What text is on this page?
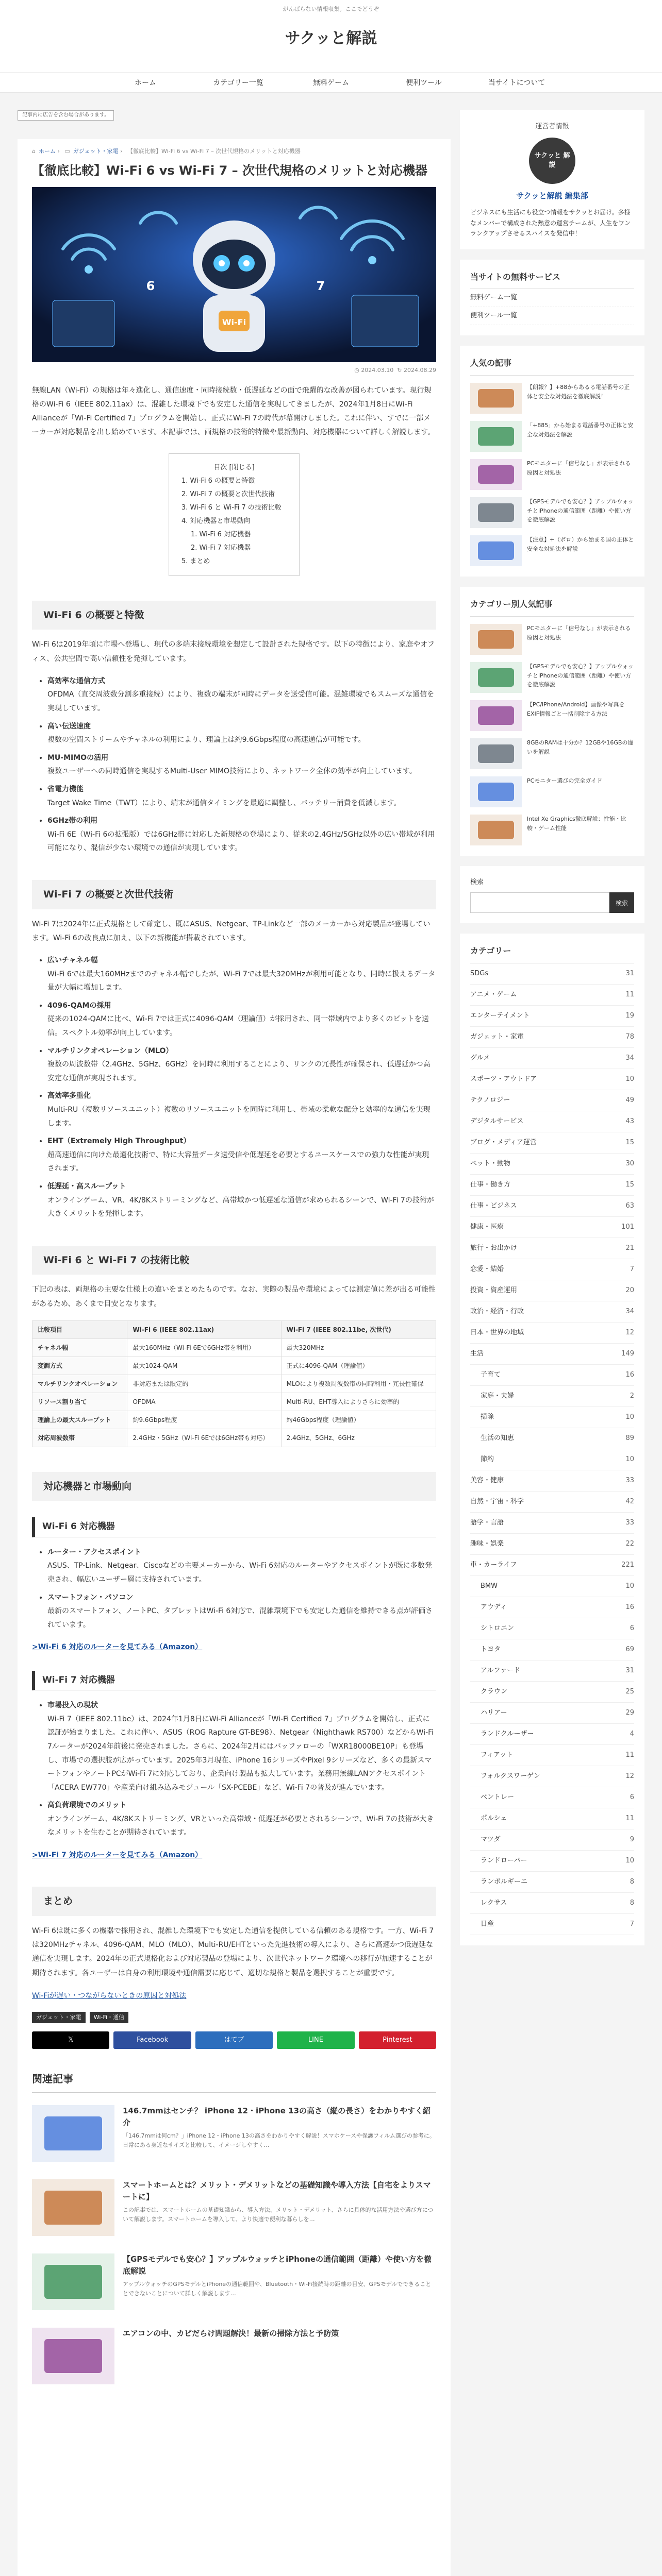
がんばらない情報収集。ここでどうぞ
サクッと解説
ホーム	カテゴリー一覧	無料ゲーム	便利ツール	当サイトについて
記事内に広告を含む場合があります。
⌂ ホーム › ▭ ガジェット・家電 › 【徹底比較】Wi-Fi 6 vs Wi-Fi 7 – 次世代規格のメリットと対応機器
【徹底比較】Wi-Fi 6 vs Wi-Fi 7 – 次世代規格のメリットと対応機器
Wi-Fi
6	7
◷ 2024.03.10 ↻ 2024.08.29

無線LAN（Wi-Fi）の規格は年々進化し、通信速度・同時接続数・低遅延などの面で飛躍的な改善が図られています。現行規格のWi-Fi 6（IEEE 802.11ax）は、混雑した環境下でも安定した通信を実現してきましたが、2024年1月8日にWi-Fi Allianceが「Wi-Fi Certified 7」プログラムを開始し、正式にWi-Fi 7の時代が幕開けしました。これに伴い、すでに一部メーカーが対応製品を出し始めています。本記事では、両規格の技術的特徴や最新動向、対応機器について詳しく解説します。

目次 [閉じる]
1. Wi-Fi 6 の概要と特徴
2. Wi-Fi 7 の概要と次世代技術
3. Wi-Fi 6 と Wi-Fi 7 の技術比較
4. 対応機器と市場動向
1. Wi-Fi 6 対応機器
2. Wi-Fi 7 対応機器
5. まとめ
Wi-Fi 6 の概要と特徴

Wi-Fi 6は2019年頃に市場へ登場し、現代の多端末接続環境を想定して設計された規格です。以下の特徴により、家庭やオフィス、公共空間で高い信頼性を発揮しています。

• 高効率な通信方式
OFDMA（直交周波数分割多重接続）により、複数の端末が同時にデータを送受信可能。混雑環境でもスムーズな通信を実現しています。
• 高い伝送速度
複数の空間ストリームやチャネルの利用により、理論上は約9.6Gbps程度の高速通信が可能です。
• MU-MIMOの活用
複数ユーザーへの同時通信を実現するMulti-User MIMO技術により、ネットワーク全体の効率が向上しています。
• 省電力機能
Target Wake Time（TWT）により、端末が通信タイミングを最適に調整し、バッテリー消費を低減します。
• 6GHz帯の利用
Wi-Fi 6E（Wi-Fi 6の拡張版）では6GHz帯に対応した新規格の登場により、従来の2.4GHz/5GHz以外の広い帯域が利用可能になり、混信が少ない環境での通信が実現しています。
Wi-Fi 7 の概要と次世代技術

Wi-Fi 7は2024年に正式規格として確定し、既にASUS、Netgear、TP-Linkなど一部のメーカーから対応製品が登場しています。Wi-Fi 6の改良点に加え、以下の新機能が搭載されています。

• 広いチャネル幅
Wi-Fi 6では最大160MHzまでのチャネル幅でしたが、Wi-Fi 7では最大320MHzが利用可能となり、同時に扱えるデータ量が大幅に増加します。
• 4096-QAMの採用
従来の1024-QAMに比べ、Wi-Fi 7では正式に4096-QAM（理論値）が採用され、同一帯域内でより多くのビットを送信。スペクトル効率が向上しています。
• マルチリンクオペレーション（MLO）
複数の周波数帯（2.4GHz、5GHz、6GHz）を同時に利用することにより、リンクの冗長性が確保され、低遅延かつ高安定な通信が実現されます。
• 高効率多重化
Multi-RU（複数リソースユニット）複数のリソースユニットを同時に利用し、帯域の柔軟な配分と効率的な通信を実現します。
• EHT（Extremely High Throughput）
超高速通信に向けた最適化技術で、特に大容量データ送受信や低遅延を必要とするユースケースでの強力な性能が実現されます。
• 低遅延・高スループット
オンラインゲーム、VR、4K/8Kストリーミングなど、高帯域かつ低遅延な通信が求められるシーンで、Wi-Fi 7の技術が大きくメリットを発揮します。
Wi-Fi 6 と Wi-Fi 7 の技術比較

下記の表は、両規格の主要な仕様上の違いをまとめたものです。なお、実際の製品や環境によっては測定値に差が出る可能性があるため、あくまで目安となります。

比較項目	Wi-Fi 6 (IEEE 802.11ax)	Wi-Fi 7 (IEEE 802.11be, 次世代)
チャネル幅	最大160MHz（Wi-Fi 6Eで6GHz帯を利用）	最大320MHz
変調方式	最大1024-QAM	正式に4096-QAM（理論値）
マルチリンクオペレーション	非対応または限定的	MLOにより複数周波数帯の同時利用・冗長性確保
リソース割り当て	OFDMA	Multi-RU、EHT導入によりさらに効率的
理論上の最大スループット	約9.6Gbps程度	約46Gbps程度（理論値）
対応周波数帯	2.4GHz・5GHz（Wi-Fi 6Eでは6GHz帯も対応）	2.4GHz、5GHz、6GHz
対応機器と市場動向
Wi-Fi 6 対応機器
• ルーター・アクセスポイント
ASUS、TP-Link、Netgear、Ciscoなどの主要メーカーから、Wi-Fi 6対応のルーターやアクセスポイントが既に多数発売され、幅広いユーザー層に支持されています。
• スマートフォン・パソコン
最新のスマートフォン、ノートPC、タブレットはWi-Fi 6対応で、混雑環境下でも安定した通信を維持できる点が評価されています。
>Wi-Fi 6 対応のルーターを見てみる（Amazon）
Wi-Fi 7 対応機器
• 市場投入の現状
Wi-Fi 7（IEEE 802.11be）は、2024年1月8日にWi-Fi Allianceが「Wi-Fi Certified 7」プログラムを開始し、正式に認証が始まりました。これに伴い、ASUS（ROG Rapture GT-BE98）、Netgear（Nighthawk RS700）などからWi-Fi 7ルーターが2024年前後に発売されました。さらに、2024年2月にはバッファローの「WXR18000BE10P」も登場し、市場での選択肢が広がっています。2025年3月現在、iPhone 16シリーズやPixel 9シリーズなど、多くの最新スマートフォンやノートPCがWi-Fi 7に対応しており、企業向け製品も拡大しています。業務用無線LANアクセスポイント「ACERA EW770」や産業向け組み込みモジュール「SX-PCEBE」など、Wi-Fi 7の普及が進んでいます。
• 高負荷環境でのメリット
オンラインゲーム、4K/8Kストリーミング、VRといった高帯域・低遅延が必要とされるシーンで、Wi-Fi 7の技術が大きなメリットを生むことが期待されています。
>Wi-Fi 7 対応のルーターを見てみる（Amazon）
まとめ

Wi-Fi 6は既に多くの機器で採用され、混雑した環境下でも安定した通信を提供している信頼のある規格です。一方、Wi-Fi 7は320MHzチャネル、4096-QAM、MLO（MLO）、Multi-RU/EHTといった先進技術の導入により、さらに高速かつ低遅延な通信を実現します。2024年の正式規格化および対応製品の登場により、次世代ネットワーク環境への移行が加速することが期待されます。各ユーザーは自身の利用環境や通信需要に応じて、適切な規格と製品を選択することが重要です。

Wi-Fiが遅い・つながらないときの原因と対処法
ガジェット・家電	Wi-Fi・通信
𝕏	Facebook	はてブ	LINE	Pinterest
関連記事
146.7mmはセンチ？ iPhone 12・iPhone 13の高さ（縦の長さ）をわかりやすく紹介
「146.7mmは何cm？」iPhone 12・iPhone 13の高さをわかりやすく解説！スマホケースや保護フィルム選びの参考に。日常にある身近なサイズと比較して、イメージしやすく…
スマートホームとは？メリット・デメリットなどの基礎知識や導入方法【自宅をよりスマートに】
この記事では、スマートホームの基礎知識から、導入方法、メリット・デメリット、さらに具体的な活用方法や選び方について解説します。スマートホームを導入して、より快適で便利な暮らしを…
【GPSモデルでも安心？】アップルウォッチとiPhoneの通信範囲（距離）や使い方を徹底解説
アップルウォッチのGPSモデルとiPhoneの通信範囲や、Bluetooth・Wi-Fi接続時の距離の目安、GPSモデルでできることとできないことについて詳しく解説します…
エアコンの中、カビだらけ問題解決！最新の掃除方法と予防策
運営者情報
サクッと 解説
サクッと解説 編集部
ビジネスにも生活にも役立つ情報をサクッとお届け。多様なメンバーで構成された熱意の運営チームが、人生をワンランクアップさせるスパイスを発信中！
当サイトの無料サービス
無料ゲーム一覧
便利ツール一覧
人気の記事
【朗報？】+88からあるる電話番号の正体と安全な対処法を徹底解説！
「+885」から始まる電話番号の正体と安全な対処法を解説
PCモニターに「信号なし」が表示される原因と対処法
【GPSモデルでも安心？】アップルウォッチとiPhoneの通信範囲（距離）や使い方を徹底解説
【注意】+（ボロ）から始まる国の正体と安全な対処法を解説
カテゴリー別人気記事
PCモニターに「信号なし」が表示される原因と対処法
【GPSモデルでも安心？】アップルウォッチとiPhoneの通信範囲（距離）や使い方を徹底解説
【PC/iPhone/Android】画像や写真をEXIF情報ごと一括削除する方法
8GBのRAMは十分か？12GBや16GBの違いを解説
PCモニター選びの完全ガイド
Intel Xe Graphics徹底解説：性能・比較・ゲーム性能
検索
検索
カテゴリー
SDGs	31
アニメ・ゲーム	11
エンターテイメント	19
ガジェット・家電	78
グルメ	34
スポーツ・アウトドア	10
テクノロジー	49
デジタルサービス	43
ブログ・メディア運営	15
ペット・動物	30
仕事・働き方	15
仕事・ビジネス	63
健康・医療	101
旅行・お出かけ	21
恋愛・結婚	7
投資・資産運用	20
政治・経済・行政	34
日本・世界の地域	12
生活	149
子育て	16
家庭・夫婦	2
掃除	10
生活の知恵	89
節約	10
美容・健康	33
自然・宇宙・科学	42
語学・言語	33
趣味・娯楽	22
車・カーライフ	221
BMW	10
アウディ	16
シトロエン	6
トヨタ	69
アルファード	31
クラウン	25
ハリアー	29
ランドクルーザー	4
フィアット	11
フォルクスワーゲン	12
ベントレー	6
ポルシェ	11
マツダ	9
ランドローバー	10
ランボルギーニ	8
レクサス	8
日産	7
